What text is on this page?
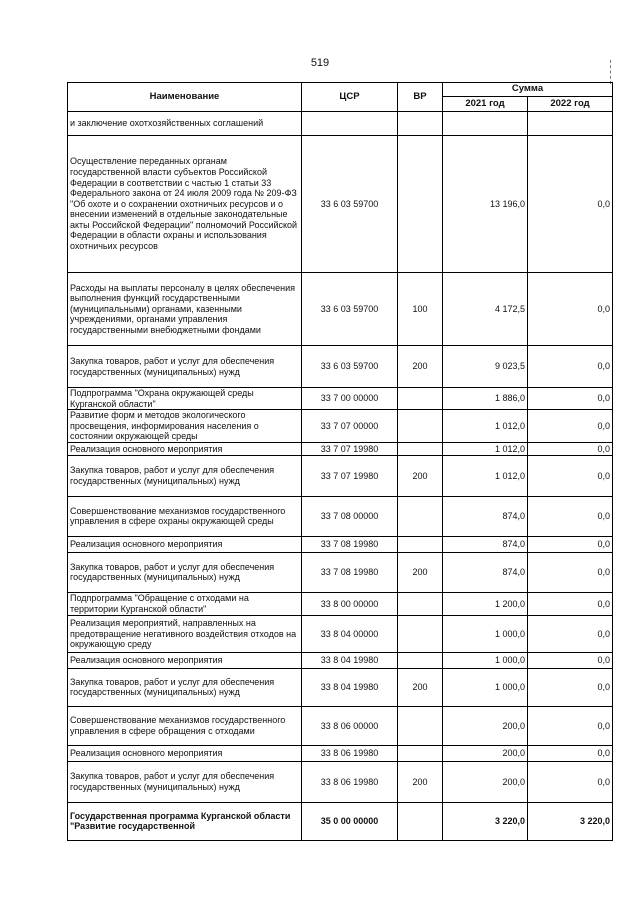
519
Наименование	ЦСР	ВР	Сумма	
			2021 год	2022 год
и заключение охотхозяйственных соглашений				
Осуществление переданных органам государственной власти субъектов Российской Федерации в соответствии с частью 1 статьи 33 Федерального закона от 24 июля 2009 года № 209-ФЗ "Об охоте и о сохранении охотничьих ресурсов и о внесении изменений в отдельные законодательные акты Российской Федерации" полномочий Российской Федерации в области охраны и использования охотничьих ресурсов	33 6 03 59700		13 196,0	0,0
Расходы на выплаты персоналу в целях обеспечения выполнения функций государственными (муниципальными) органами, казенными учреждениями, органами управления государственными внебюджетными фондами	33 6 03 59700	100	4 172,5	0,0
Закупка товаров, работ и услуг для обеспечения государственных (муниципальных) нужд	33 6 03 59700	200	9 023,5	0,0
Подпрограмма "Охрана окружающей среды Курганской области"	33 7 00 00000		1 886,0	0,0
Развитие форм и методов экологического просвещения, информирования населения о состоянии окружающей среды	33 7 07 00000		1 012,0	0,0
Реализация основного мероприятия	33 7 07 19980		1 012,0	0,0
Закупка товаров, работ и услуг для обеспечения государственных (муниципальных) нужд	33 7 07 19980	200	1 012,0	0,0
Совершенствование механизмов государственного управления в сфере охраны окружающей среды	33 7 08 00000		874,0	0,0
Реализация основного мероприятия	33 7 08 19980		874,0	0,0
Закупка товаров, работ и услуг для обеспечения государственных (муниципальных) нужд	33 7 08 19980	200	874,0	0,0
Подпрограмма "Обращение с отходами на территории Курганской области"	33 8 00 00000		1 200,0	0,0
Реализация мероприятий, направленных на предотвращение негативного воздействия отходов на окружающую среду	33 8 04 00000		1 000,0	0,0
Реализация основного мероприятия	33 8 04 19980		1 000,0	0,0
Закупка товаров, работ и услуг для обеспечения государственных (муниципальных) нужд	33 8 04 19980	200	1 000,0	0,0
Совершенствование механизмов государственного управления в сфере обращения с отходами	33 8 06 00000		200,0	0,0
Реализация основного мероприятия	33 8 06 19980		200,0	0,0
Закупка товаров, работ и услуг для обеспечения государственных (муниципальных) нужд	33 8 06 19980	200	200,0	0,0
Государственная программа Курганской области "Развитие государственной	35 0 00 00000		3 220,0	3 220,0
